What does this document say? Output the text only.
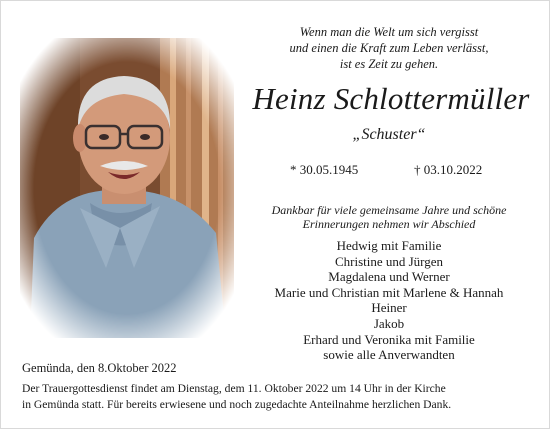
Wenn man die Welt um sich vergisst
und einen die Kraft zum Leben verlässt,
ist es Zeit zu gehen.
Heinz Schlottermüller
„Schuster“
* 30.05.1945	† 03.10.2022
Dankbar für viele gemeinsame Jahre und schöne
Erinnerungen nehmen wir Abschied
Hedwig mit Familie
Christine und Jürgen
Magdalena und Werner
Marie und Christian mit Marlene & Hannah
Heiner
Jakob
Erhard und Veronika mit Familie
sowie alle Anverwandten
Gemünda, den 8.Oktober 2022
Der Trauergottesdienst findet am Dienstag, dem 11. Oktober 2022 um 14 Uhr in der Kirche
in Gemünda statt. Für bereits erwiesene und noch zugedachte Anteilnahme herzlichen Dank.
